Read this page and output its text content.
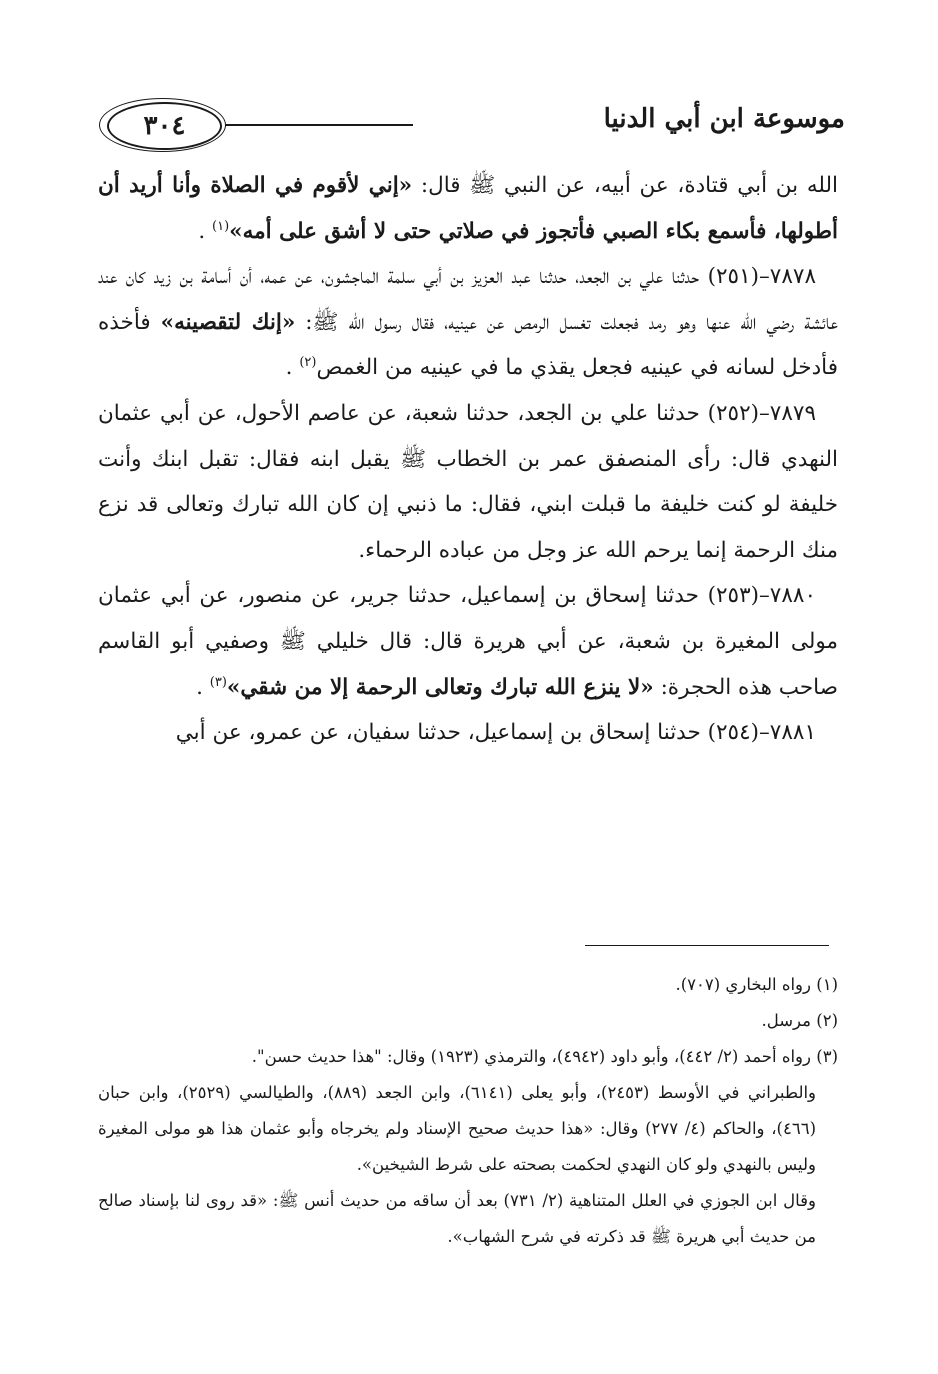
٣٠٤	موسوعة ابن أبي الدنيا

الله بن أبي قتادة، عن أبيه، عن النبي ﷺ قال: «إني لأقوم في الصلاة وأنا أريد أن أطولها، فأسمع بكاء الصبي فأتجوز في صلاتي حتى لا أشق على أمه»$^{(١)}$ .

٧٨٧٨–(٢٥١) حدثنا علي بن الجعد، حدثنا عبد العزيز بن أبي سلمة الماجشون، عن عمه، أن أسامة بن زيد كان عند عائشة رضي الله عنها وهو رمد فجعلت تغسل الرمص عن عينيه، فقال رسول الله ﷺ: «إنك لتقصينه» فأخذه فأدخل لسانه في عينيه فجعل يقذي ما في عينيه من الغمص$^{(٢)}$ .

٧٨٧٩–(٢٥٢) حدثنا علي بن الجعد، حدثنا شعبة، عن عاصم الأحول، عن أبي عثمان النهدي قال: رأى المنصفق عمر بن الخطاب ﷺ يقبل ابنه فقال: تقبل ابنك وأنت خليفة لو كنت خليفة ما قبلت ابني، فقال: ما ذنبي إن كان الله تبارك وتعالى قد نزع منك الرحمة إنما يرحم الله عز وجل من عباده الرحماء.

٧٨٨٠–(٢٥٣) حدثنا إسحاق بن إسماعيل، حدثنا جرير، عن منصور، عن أبي عثمان مولى المغيرة بن شعبة، عن أبي هريرة قال: قال خليلي ﷺ وصفيي أبو القاسم صاحب هذه الحجرة: «لا ينزع الله تبارك وتعالى الرحمة إلا من شقي»$^{(٣)}$ .

٧٨٨١–(٢٥٤) حدثنا إسحاق بن إسماعيل، حدثنا سفيان، عن عمرو، عن أبي

(١) رواه البخاري (٧٠٧).

(٢) مرسل.

(٣) رواه أحمد (٢/ ٤٤٢)، وأبو داود (٤٩٤٢)، والترمذي (١٩٢٣) وقال: "هذا حديث حسن".

والطبراني في الأوسط (٢٤٥٣)، وأبو يعلى (٦١٤١)، وابن الجعد (٨٨٩)، والطيالسي (٢٥٢٩)، وابن حبان (٤٦٦)، والحاكم (٤/ ٢٧٧) وقال: «هذا حديث صحيح الإسناد ولم يخرجاه وأبو عثمان هذا هو مولى المغيرة وليس بالنهدي ولو كان النهدي لحكمت بصحته على شرط الشيخين».

وقال ابن الجوزي في العلل المتناهية (٢/ ٧٣١) بعد أن ساقه من حديث أنس ﷺ: «قد روى لنا بإسناد صالح من حديث أبي هريرة ﷺ قد ذكرته في شرح الشهاب».
